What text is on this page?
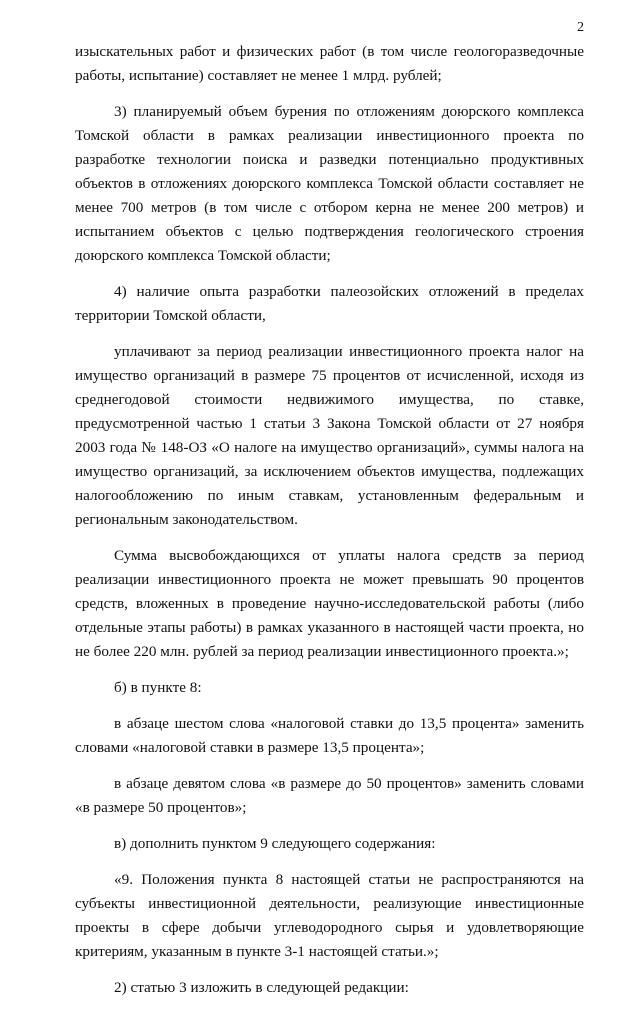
2

изыскательных работ и физических работ (в том числе геологоразведочные работы, испытание) составляет не менее 1 млрд. рублей;

3) планируемый объем бурения по отложениям доюрского комплекса Томской области в рамках реализации инвестиционного проекта по разработке технологии поиска и разведки потенциально продуктивных объектов в отложениях доюрского комплекса Томской области составляет не менее 700 метров (в том числе с отбором керна не менее 200 метров) и испытанием объектов с целью подтверждения геологического строения доюрского комплекса Томской области;

4) наличие опыта разработки палеозойских отложений в пределах территории Томской области,

уплачивают за период реализации инвестиционного проекта налог на имущество организаций в размере 75 процентов от исчисленной, исходя из среднегодовой стоимости недвижимого имущества, по ставке, предусмотренной частью 1 статьи 3 Закона Томской области от 27 ноября 2003 года № 148-ОЗ «О налоге на имущество организаций», суммы налога на имущество организаций, за исключением объектов имущества, подлежащих налогообложению по иным ставкам, установленным федеральным и региональным законодательством.

Сумма высвобождающихся от уплаты налога средств за период реализации инвестиционного проекта не может превышать 90 процентов средств, вложенных в проведение научно-исследовательской работы (либо отдельные этапы работы) в рамках указанного в настоящей части проекта, но не более 220 млн. рублей за период реализации инвестиционного проекта.»;

б) в пункте 8:

в абзаце шестом слова «налоговой ставки до 13,5 процента» заменить словами «налоговой ставки в размере 13,5 процента»;

в абзаце девятом слова «в размере до 50 процентов» заменить словами «в размере 50 процентов»;

в) дополнить пунктом 9 следующего содержания:

«9. Положения пункта 8 настоящей статьи не распространяются на субъекты инвестиционной деятельности, реализующие инвестиционные проекты в сфере добычи углеводородного сырья и удовлетворяющие критериям, указанным в пункте 3-1 настоящей статьи.»;

2) статью 3 изложить в следующей редакции:
